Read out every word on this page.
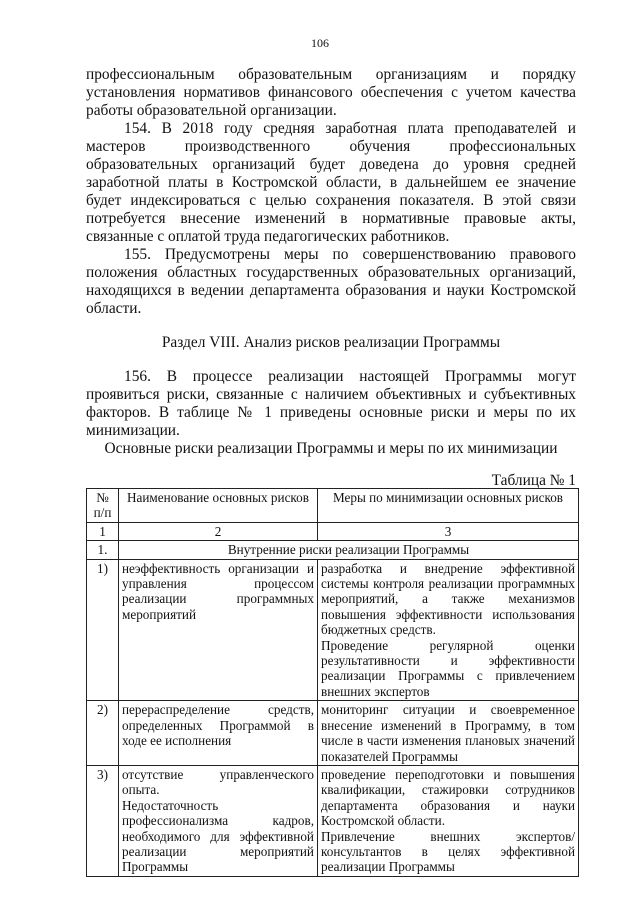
106

профессиональным образовательным организациям и порядку установления нормативов финансового обеспечения с учетом качества работы образовательной организации.

154. В 2018 году средняя заработная плата преподавателей и мастеров производственного обучения профессиональных образовательных организаций будет доведена до уровня средней заработной платы в Костромской области, в дальнейшем ее значение будет индексироваться с целью сохранения показателя. В этой связи потребуется внесение изменений в нормативные правовые акты, связанные с оплатой труда педагогических работников.

155. Предусмотрены меры по совершенствованию правового положения областных государственных образовательных организаций, находящихся в ведении департамента образования и науки Костромской области.

Раздел VIII. Анализ рисков реализации Программы

156. В процессе реализации настоящей Программы могут проявиться риски, связанные с наличием объективных и субъективных факторов. В таблице № 1 приведены основные риски и меры по их минимизации.

Основные риски реализации Программы и меры по их минимизации
Таблица № 1
№ п/п	Наименование основных рисков	Меры по минимизации основных рисков
1	2	3
1.	Внутренние риски реализации Программы	
1)	неэффективность организации и управления процессом реализации программных мероприятий	разработка и внедрение эффективной системы контроля реализации программных мероприятий, а также механизмов повышения эффективности использования бюджетных средств.
Проведение регулярной оценки результативности и эффективности реализации Программы с привлечением внешних экспертов

2)	перераспределение средств, определенных Программой в ходе ее исполнения	мониторинг ситуации и своевременное внесение изменений в Программу, в том числе в части изменения плановых значений показателей Программы

3)	отсутствие управленческого опыта.
Недостаточность профессионализма кадров, необходимого для эффективной реализации мероприятий Программы	проведение переподготовки и повышения квалификации, стажировки сотрудников департамента образования и науки Костромской области.
Привлечение внешних экспертов/ консультантов в целях эффективной реализации Программы
